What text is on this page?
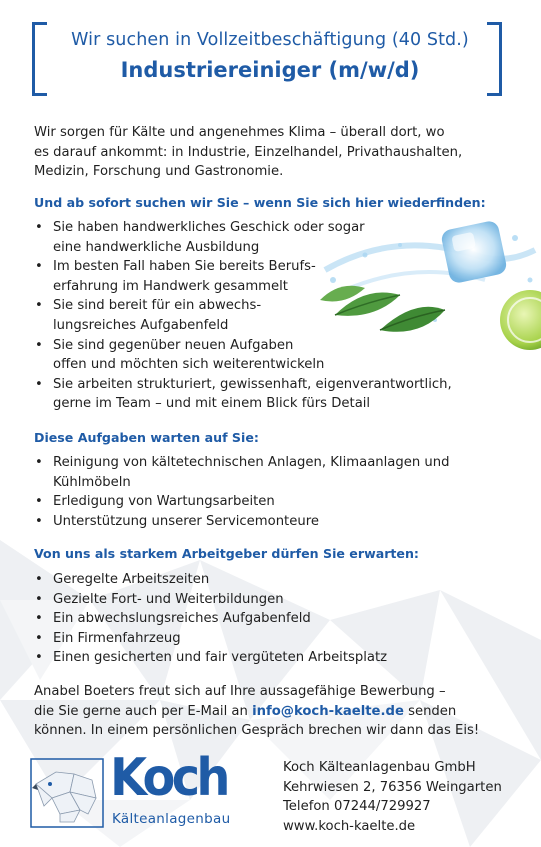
Wir suchen in Vollzeitbeschäftigung (40 Std.)
Industriereiniger (m/w/d)
Wir sorgen für Kälte und angenehmes Klima – überall dort, wo
es darauf ankommt: in Industrie, Einzelhandel, Privathaushalten,
Medizin, Forschung und Gastronomie.
Und ab sofort suchen wir Sie – wenn Sie sich hier wiederfinden:
• Sie haben handwerkliches Geschick oder sogar
eine handwerkliche Ausbildung
• Im besten Fall haben Sie bereits Berufs-
erfahrung im Handwerk gesammelt
• Sie sind bereit für ein abwechs-
lungsreiches Aufgabenfeld
• Sie sind gegenüber neuen Aufgaben
offen und möchten sich weiterentwickeln
• Sie arbeiten strukturiert, gewissenhaft, eigenverantwortlich,
gerne im Team – und mit einem Blick fürs Detail
Diese Aufgaben warten auf Sie:
• Reinigung von kältetechnischen Anlagen, Klimaanlagen und
Kühlmöbeln
• Erledigung von Wartungsarbeiten
• Unterstützung unserer Servicemonteure
Von uns als starkem Arbeitgeber dürfen Sie erwarten:
• Geregelte Arbeitszeiten
• Gezielte Fort- und Weiterbildungen
• Ein abwechslungsreiches Aufgabenfeld
• Ein Firmenfahrzeug
• Einen gesicherten und fair vergüteten Arbeitsplatz
Anabel Boeters freut sich auf Ihre aussagefähige Bewerbung –
die Sie gerne auch per E-Mail an info@koch-kaelte.de senden
können. In einem persönlichen Gespräch brechen wir dann das Eis!
Koch
Kälteanlagenbau
Koch Kälteanlagenbau GmbH
Kehrwiesen 2, 76356 Weingarten
Telefon 07244/729927
www.koch-kaelte.de
